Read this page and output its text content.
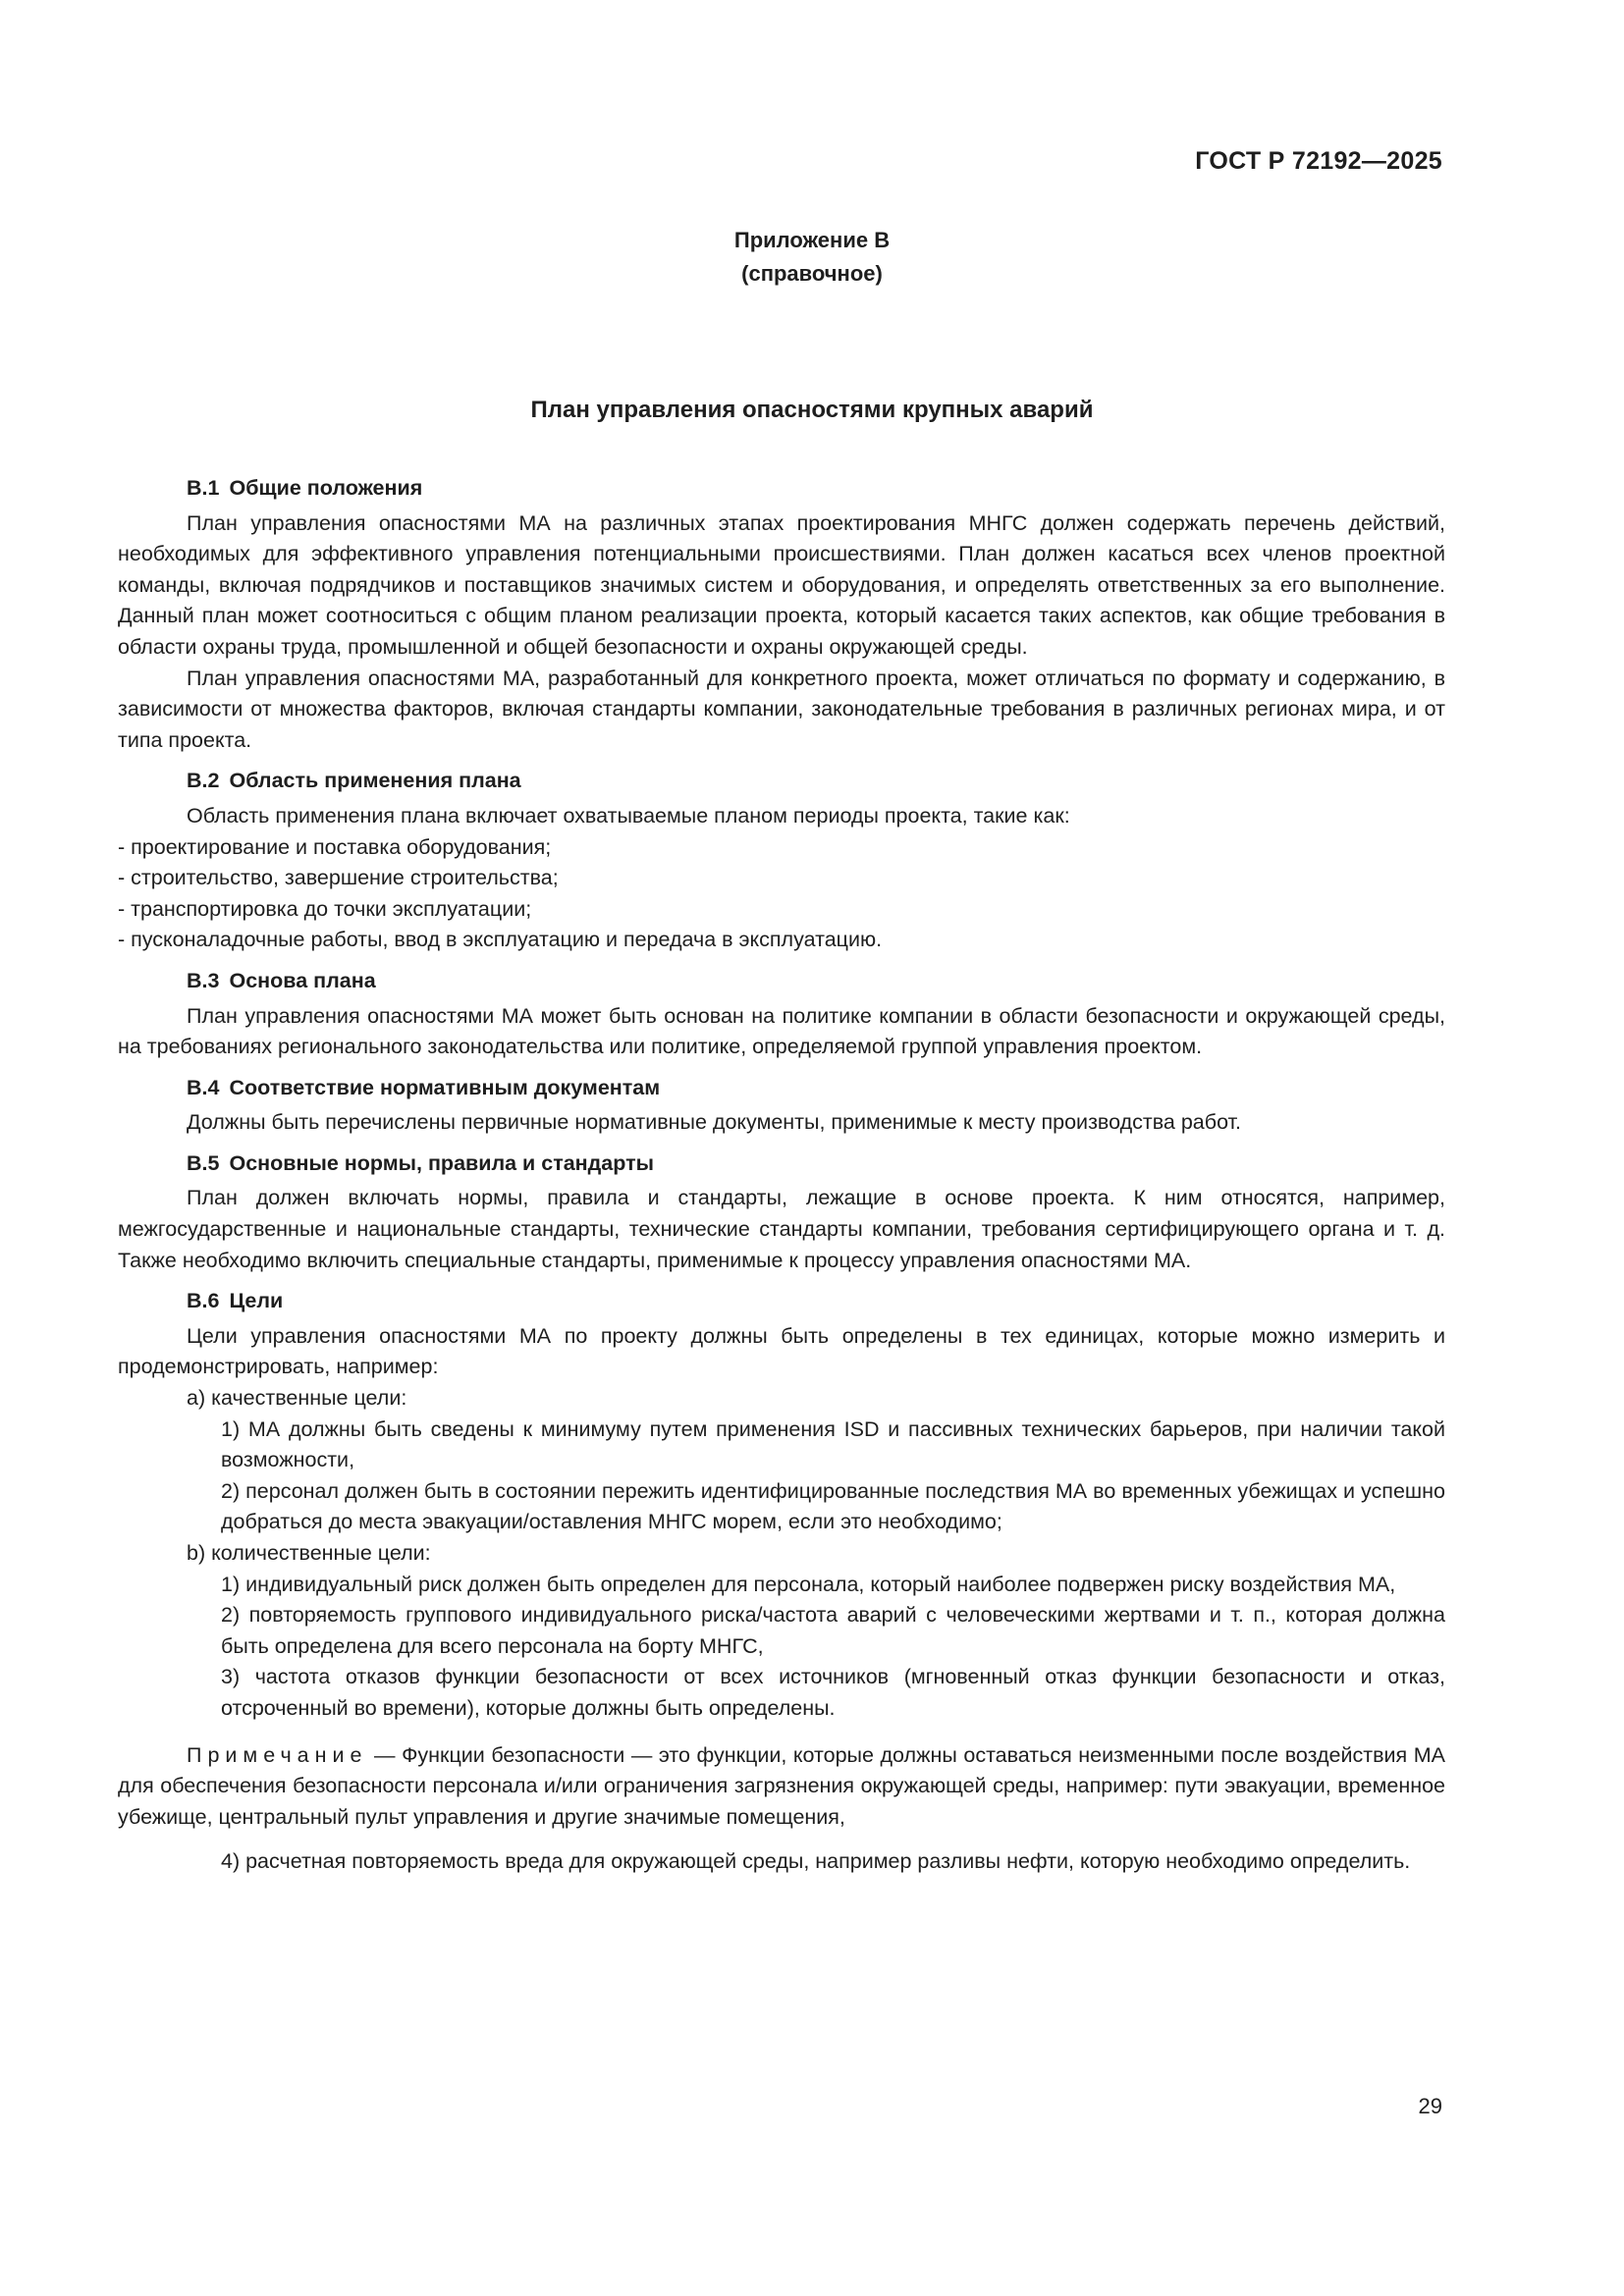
ГОСТ Р 72192—2025
Приложение В
(справочное)
План управления опасностями крупных аварий
В.1 Общие положения

План управления опасностями МА на различных этапах проектирования МНГС должен содержать перечень действий, необходимых для эффективного управления потенциальными происшествиями. План должен касаться всех членов проектной команды, включая подрядчиков и поставщиков значимых систем и оборудования, и определять ответственных за его выполнение. Данный план может соотноситься с общим планом реализации проекта, который касается таких аспектов, как общие требования в области охраны труда, промышленной и общей безопасности и охраны окружающей среды.

План управления опасностями МА, разработанный для конкретного проекта, может отличаться по формату и содержанию, в зависимости от множества факторов, включая стандарты компании, законодательные требования в различных регионах мира, и от типа проекта.

В.2 Область применения плана

Область применения плана включает охватываемые планом периоды проекта, такие как:

- проектирование и поставка оборудования;
- строительство, завершение строительства;
- транспортировка до точки эксплуатации;
- пусконаладочные работы, ввод в эксплуатацию и передача в эксплуатацию.
В.3 Основа плана

План управления опасностями МА может быть основан на политике компании в области безопасности и окружающей среды, на требованиях регионального законодательства или политике, определяемой группой управления проектом.

В.4 Соответствие нормативным документам

Должны быть перечислены первичные нормативные документы, применимые к месту производства работ.

В.5 Основные нормы, правила и стандарты

План должен включать нормы, правила и стандарты, лежащие в основе проекта. К ним относятся, например, межгосударственные и национальные стандарты, технические стандарты компании, требования сертифицирующего органа и т. д. Также необходимо включить специальные стандарты, применимые к процессу управления опасностями МА.

В.6 Цели

Цели управления опасностями МА по проекту должны быть определены в тех единицах, которые можно измерить и продемонстрировать, например:

а) качественные цели:
1) МА должны быть сведены к минимуму путем применения ISD и пассивных технических барьеров, при наличии такой возможности,
2) персонал должен быть в состоянии пережить идентифицированные последствия МА во временных убежищах и успешно добраться до места эвакуации/оставления МНГС морем, если это необходимо;
b) количественные цели:
1) индивидуальный риск должен быть определен для персонала, который наиболее подвержен риску воздействия МА,
2) повторяемость группового индивидуального риска/частота аварий с человеческими жертвами и т. п., которая должна быть определена для всего персонала на борту МНГС,
3) частота отказов функции безопасности от всех источников (мгновенный отказ функции безопасности и отказ, отсроченный во времени), которые должны быть определены.
Примечание — Функции безопасности — это функции, которые должны оставаться неизменными после воздействия МА для обеспечения безопасности персонала и/или ограничения загрязнения окружающей среды, например: пути эвакуации, временное убежище, центральный пульт управления и другие значимые помещения,
4) расчетная повторяемость вреда для окружающей среды, например разливы нефти, которую необходимо определить.
29
